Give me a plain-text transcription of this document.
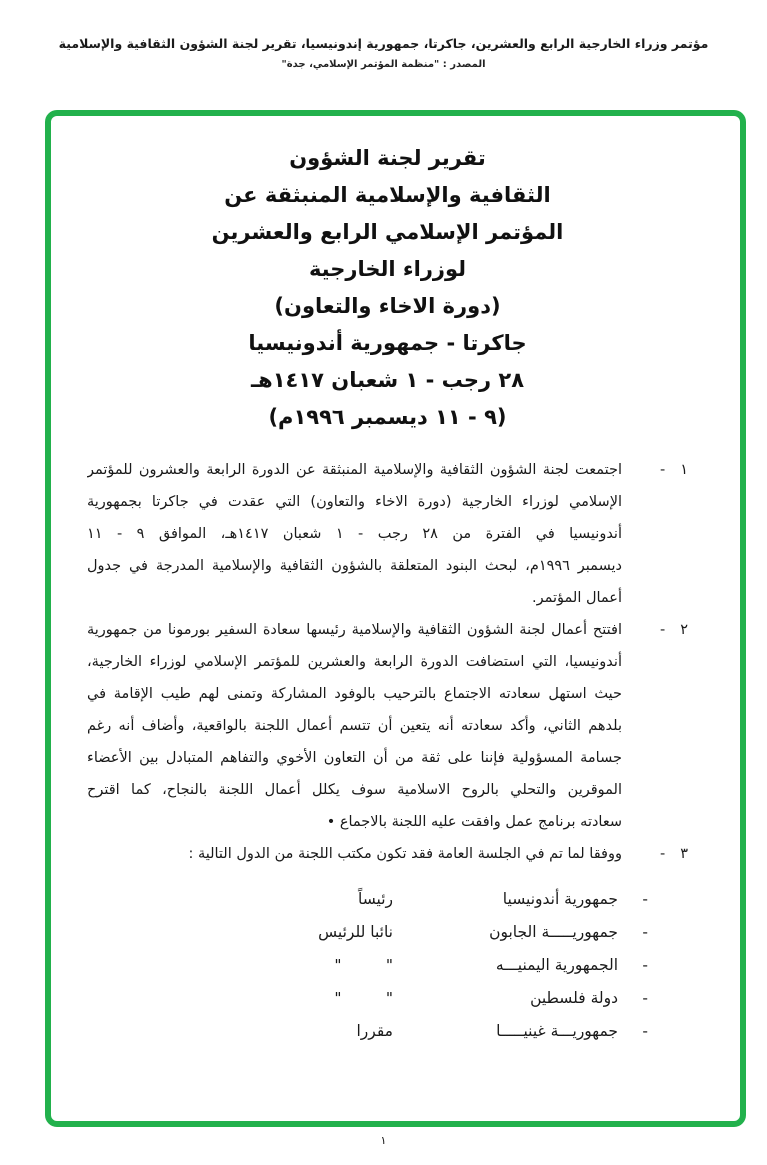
مؤتمر وزراء الخارجية الرابع والعشرين، جاكرتا، جمهورية إندونيسيا، تقرير لجنة الشؤون الثقافية والإسلامية
المصدر : "منظمة المؤتمر الإسلامي، جدة"
تقرير لجنة الشؤون
الثقافية والإسلامية المنبثقة عن
المؤتمر الإسلامي الرابع والعشرين
لوزراء الخارجية
(دورة الاخاء والتعاون)
جاكرتا - جمهورية أندونيسيا
٢٨ رجب - ١ شعبان ١٤١٧هـ
(٩ - ١١ ديسمبر ١٩٩٦م)
١
-
اجتمعت لجنة الشؤون الثقافية والإسلامية المنبثقة عن الدورة الرابعة والعشرون للمؤتمر
الإسلامي لوزراء الخارجية (دورة الاخاء والتعاون) التي عقدت في جاكرتا بجمهورية
أندونيسيا في الفترة من ٢٨ رجب - ١ شعبان ١٤١٧هـ، الموافق ٩ - ١١
ديسمبر ١٩٩٦م، لبحث البنود المتعلقة بالشؤون الثقافية والإسلامية المدرجة في جدول
أعمال المؤتمر.
٢
-
افتتح أعمال لجنة الشؤون الثقافية والإسلامية رئيسها سعادة السفير بورمونا من جمهورية
أندونيسيا، التي استضافت الدورة الرابعة والعشرين للمؤتمر الإسلامي لوزراء الخارجية،
حيث استهل سعادته الاجتماع بالترحيب بالوفود المشاركة وتمنى لهم طيب الإقامة في
بلدهم الثاني، وأكد سعادته أنه يتعين أن تتسم أعمال اللجنة بالواقعية، وأضاف أنه رغم
جسامة المسؤولية فإننا على ثقة من أن التعاون الأخوي والتفاهم المتبادل بين الأعضاء
الموقرين والتحلي بالروح الاسلامية سوف يكلل أعمال اللجنة بالنجاح، كما اقترح
سعادته برنامج عمل وافقت عليه اللجنة بالاجماع •
٣
-
ووفقا لما تم في الجلسة العامة فقد تكون مكتب اللجنة من الدول التالية :
-
جمهورية أندونيسيا
رئيساً
-
جمهوريـــــة الجابون
نائبا للرئيس
-
الجمهورية اليمنيـــه
"         "
-
دولة فلسطين
"         "
-
جمهوريـــة غينيـــــا
مقررا
١
